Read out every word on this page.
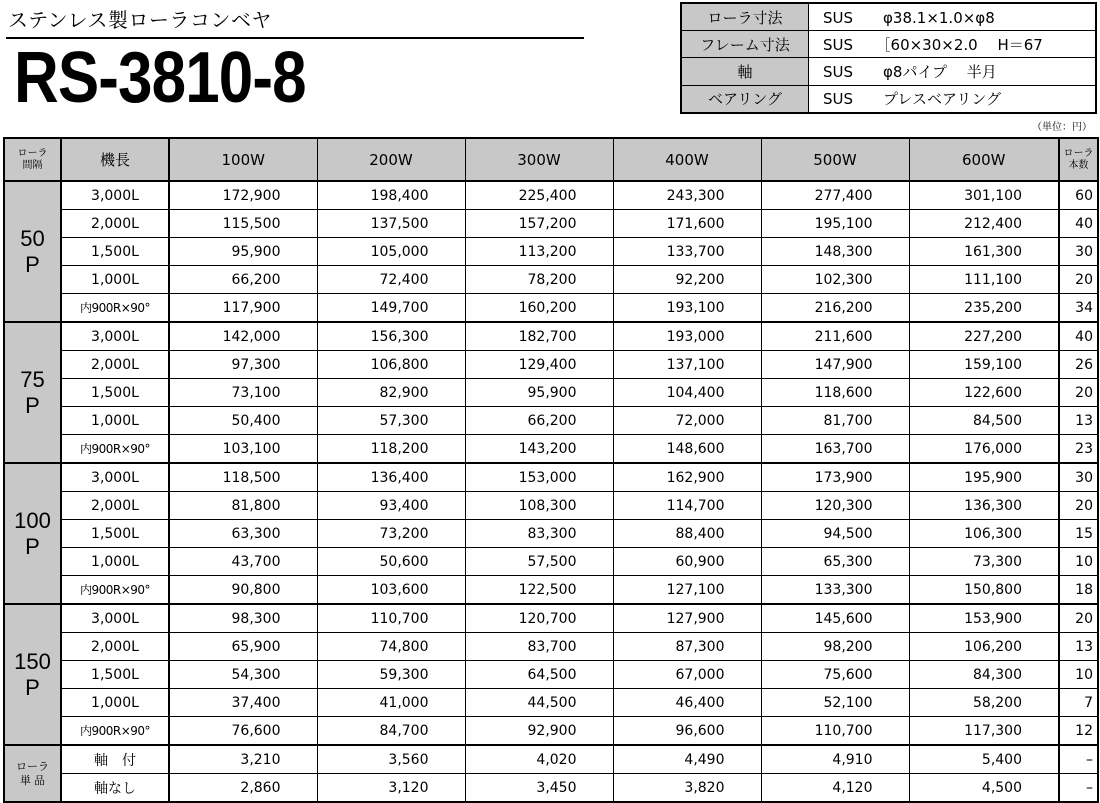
ステンレス製ローラコンベヤ
RS-3810-8
ローラ寸法	SUS　　φ38.1×1.0×φ8
フレーム寸法	SUS　　［60×30×2.0　 H＝67
軸	SUS　　φ8パイプ　 半月
ベアリング	SUS　　プレスベアリング
（単位：円）
ローラ
間隔	機長	100W	200W	300W	400W	500W	600W	ローラ
本数
50
P	3,000L	172,900	198,400	225,400	243,300	277,400	301,100	60
	2,000L	115,500	137,500	157,200	171,600	195,100	212,400	40
	1,500L	95,900	105,000	113,200	133,700	148,300	161,300	30
	1,000L	66,200	72,400	78,200	92,200	102,300	111,100	20
	内900R×90°	117,900	149,700	160,200	193,100	216,200	235,200	34
75
P	3,000L	142,000	156,300	182,700	193,000	211,600	227,200	40
	2,000L	97,300	106,800	129,400	137,100	147,900	159,100	26
	1,500L	73,100	82,900	95,900	104,400	118,600	122,600	20
	1,000L	50,400	57,300	66,200	72,000	81,700	84,500	13
	内900R×90°	103,100	118,200	143,200	148,600	163,700	176,000	23
100
P	3,000L	118,500	136,400	153,000	162,900	173,900	195,900	30
	2,000L	81,800	93,400	108,300	114,700	120,300	136,300	20
	1,500L	63,300	73,200	83,300	88,400	94,500	106,300	15
	1,000L	43,700	50,600	57,500	60,900	65,300	73,300	10
	内900R×90°	90,800	103,600	122,500	127,100	133,300	150,800	18
150
P	3,000L	98,300	110,700	120,700	127,900	145,600	153,900	20
	2,000L	65,900	74,800	83,700	87,300	98,200	106,200	13
	1,500L	54,300	59,300	64,500	67,000	75,600	84,300	10
	1,000L	37,400	41,000	44,500	46,400	52,100	58,200	7
	内900R×90°	76,600	84,700	92,900	96,600	110,700	117,300	12
ローラ
単 品	軸　付	3,210	3,560	4,020	4,490	4,910	5,400	–
	軸なし	2,860	3,120	3,450	3,820	4,120	4,500	–
